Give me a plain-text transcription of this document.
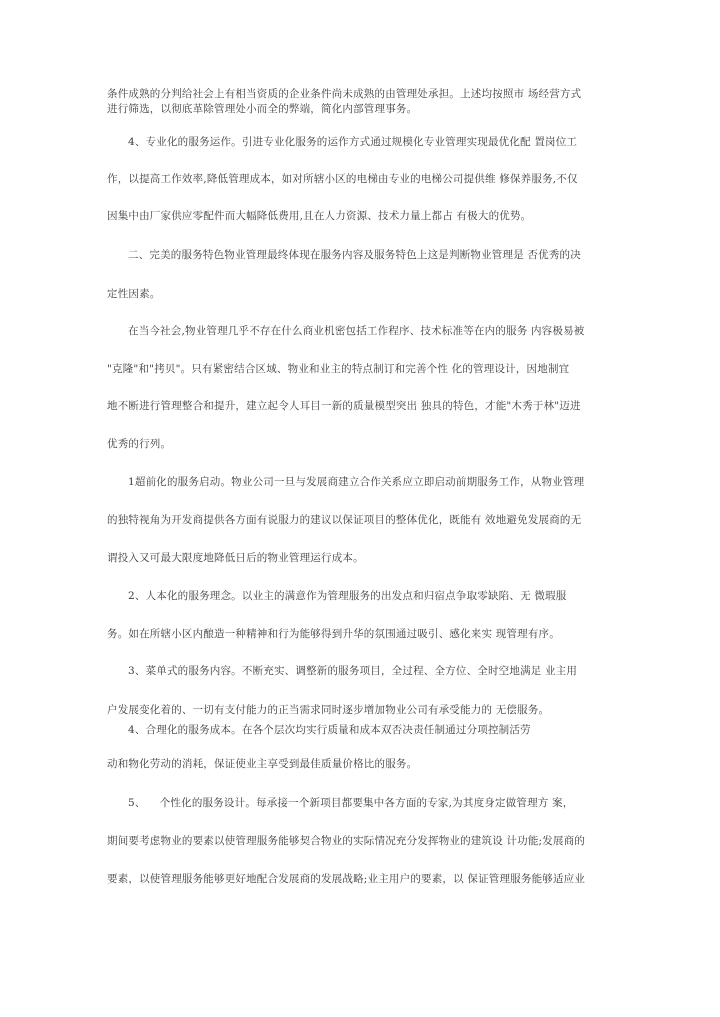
条件成熟的分判给社会上有相当资质的企业条件尚未成熟的由管理处承担。上述均按照市 场经营方式
进行筛选，以彻底革除管理处小而全的弊端，简化内部管理事务。
4、专业化的服务运作。引进专业化服务的运作方式通过规模化专业管理实现最优化配 置岗位工
作，以提高工作效率,降低管理成本，如对所辖小区的电梯由专业的电梯公司提供维 修保养服务,不仅
因集中由厂家供应零配件而大幅降低费用,且在人力资源、技术力量上都占 有极大的优势。
二、完美的服务特色物业管理最终体现在服务内容及服务特色上这是判断物业管理是 否优秀的决
定性因素。
在当今社会,物业管理几乎不存在什么商业机密包括工作程序、技术标准等在内的服务 内容极易被
"克隆"和"拷贝"。只有紧密结合区域、物业和业主的特点制订和完善个性 化的管理设计，因地制宜
地不断进行管理整合和提升，建立起令人耳目一新的质量模型突出 独具的特色，才能"木秀于林"迈进
优秀的行列。
1超前化的服务启动。物业公司一旦与发展商建立合作关系应立即启动前期服务工作，从物业管理
的独特视角为开发商提供各方面有说服力的建议以保证项目的整体优化，既能有 效地避免发展商的无
谓投入又可最大限度地降低日后的物业管理运行成本。
2、人本化的服务理念。以业主的满意作为管理服务的出发点和归宿点争取零缺陷、无 微瑕服
务。如在所辖小区内酿造一种精神和行为能够得到升华的氛围通过吸引、感化来实 现管理有序。
3、菜单式的服务内容。不断充实、调整新的服务项目，全过程、全方位、全时空地满足 业主用
户发展变化着的、一切有支付能力的正当需求同时逐步增加物业公司有承受能力的 无偿服务。
4、合理化的服务成本。在各个层次均实行质量和成本双否决责任制通过分项控制活劳
动和物化劳动的消耗，保证使业主享受到最佳质量价格比的服务。
5、    个性化的服务设计。每承接一个新项目都要集中各方面的专家,为其度身定做管理方 案，
期间要考虑物业的要素以使管理服务能够契合物业的实际情况充分发挥物业的建筑设 计功能;发展商的
要素，以使管理服务能够更好地配合发展商的发展战略;业主用户的要素，以 保证管理服务能够适应业
